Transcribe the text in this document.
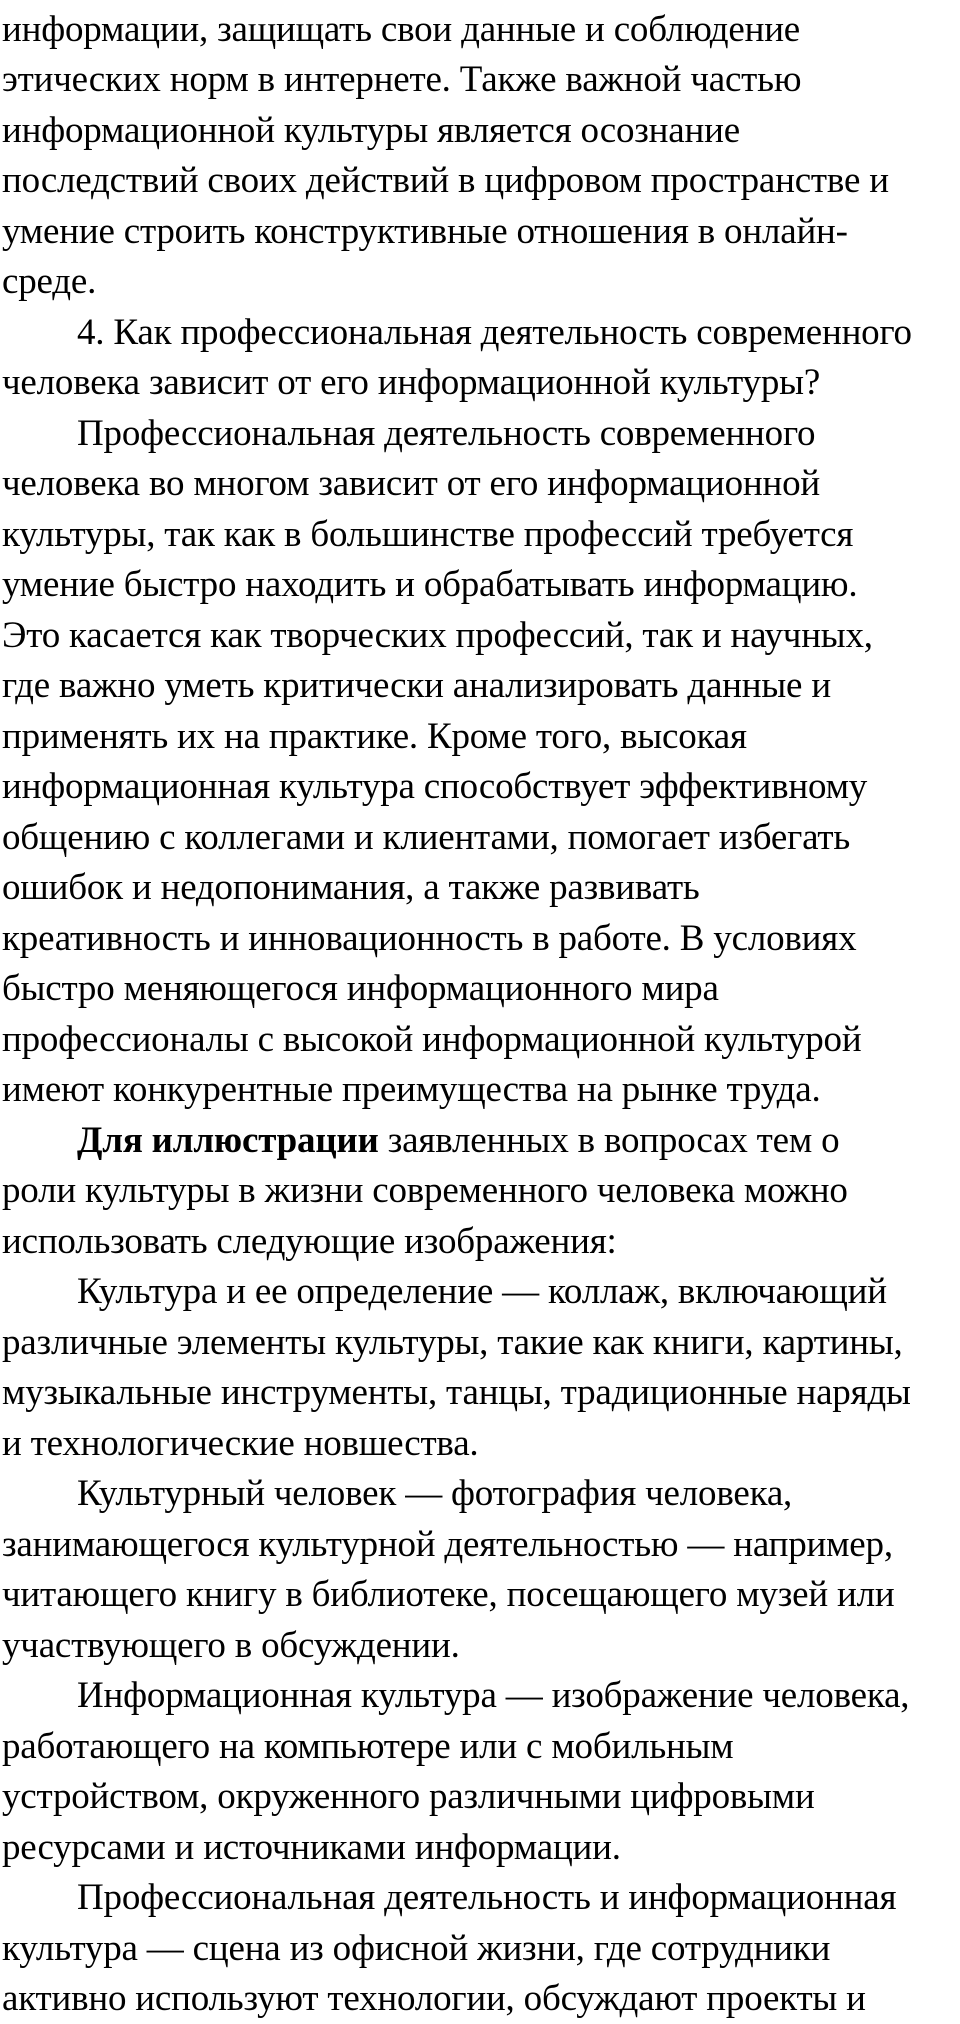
информации, защищать свои данные и соблюдение
этических норм в интернете. Также важной частью
информационной культуры является осознание
последствий своих действий в цифровом пространстве и
умение строить конструктивные отношения в онлайн-
среде.
4. Как профессиональная деятельность современного
человека зависит от его информационной культуры?
Профессиональная деятельность современного
человека во многом зависит от его информационной
культуры, так как в большинстве профессий требуется
умение быстро находить и обрабатывать информацию.
Это касается как творческих профессий, так и научных,
где важно уметь критически анализировать данные и
применять их на практике. Кроме того, высокая
информационная культура способствует эффективному
общению с коллегами и клиентами, помогает избегать
ошибок и недопонимания, а также развивать
креативность и инновационность в работе. В условиях
быстро меняющегося информационного мира
профессионалы с высокой информационной культурой
имеют конкурентные преимущества на рынке труда.
Для иллюстрации заявленных в вопросах тем о
роли культуры в жизни современного человека можно
использовать следующие изображения:
Культура и ее определение — коллаж, включающий
различные элементы культуры, такие как книги, картины,
музыкальные инструменты, танцы, традиционные наряды
и технологические новшества.
Культурный человек — фотография человека,
занимающегося культурной деятельностью — например,
читающего книгу в библиотеке, посещающего музей или
участвующего в обсуждении.
Информационная культура — изображение человека,
работающего на компьютере или с мобильным
устройством, окруженного различными цифровыми
ресурсами и источниками информации.
Профессиональная деятельность и информационная
культура — сцена из офисной жизни, где сотрудники
активно используют технологии, обсуждают проекты и
